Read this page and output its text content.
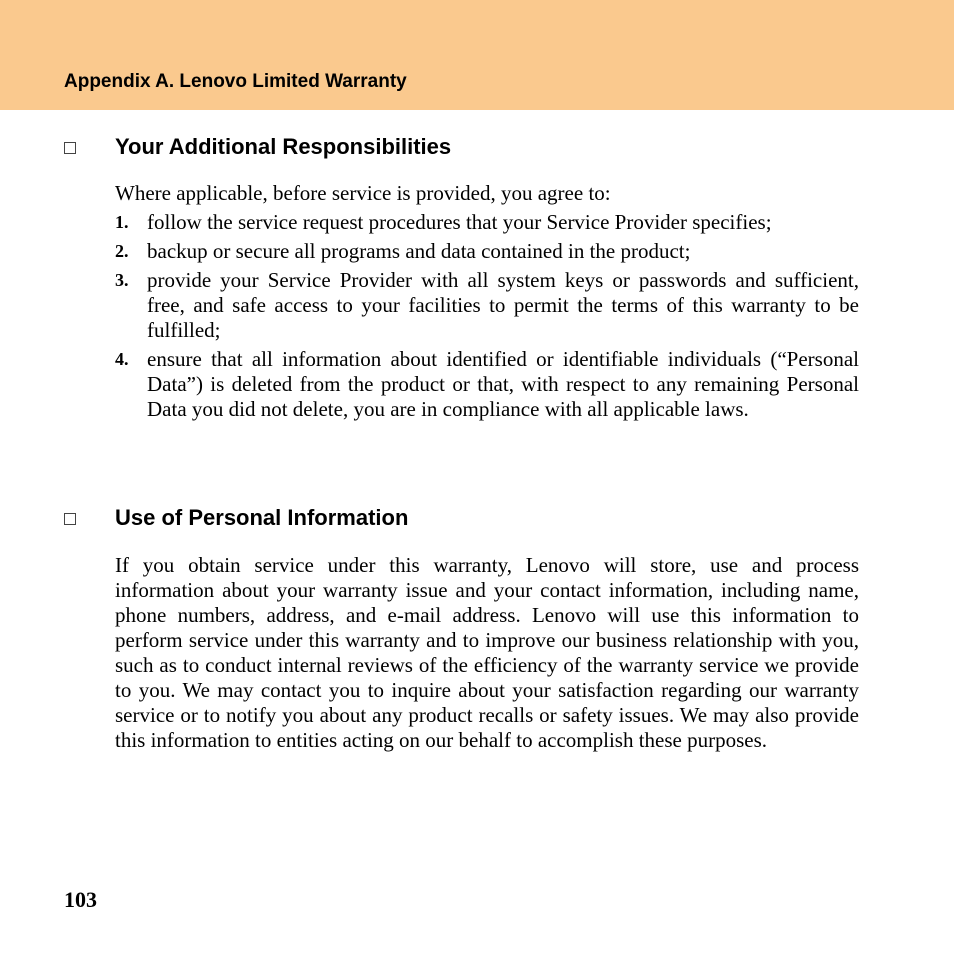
Appendix A. Lenovo Limited Warranty
Your Additional Responsibilities

Where applicable, before service is provided, you agree to:

1. follow the service request procedures that your Service Provider specifies;
2. backup or secure all programs and data contained in the product;
3. provide your Service Provider with all system keys or passwords and sufficient, free, and safe access to your facilities to permit the terms of this warranty to be fulfilled;
4. ensure that all information about identified or identifiable individuals (“Personal Data”) is deleted from the product or that, with respect to any remaining Personal Data you did not delete, you are in compliance with all applicable laws.
Use of Personal Information

If you obtain service under this warranty, Lenovo will store, use and process information about your warranty issue and your contact information, including name, phone numbers, address, and e-mail address. Lenovo will use this information to perform service under this warranty and to improve our business relationship with you, such as to conduct internal reviews of the efficiency of the warranty service we provide to you. We may contact you to inquire about your satisfaction regarding our warranty service or to notify you about any product recalls or safety issues. We may also provide this information to entities acting on our behalf to accomplish these purposes.

103
